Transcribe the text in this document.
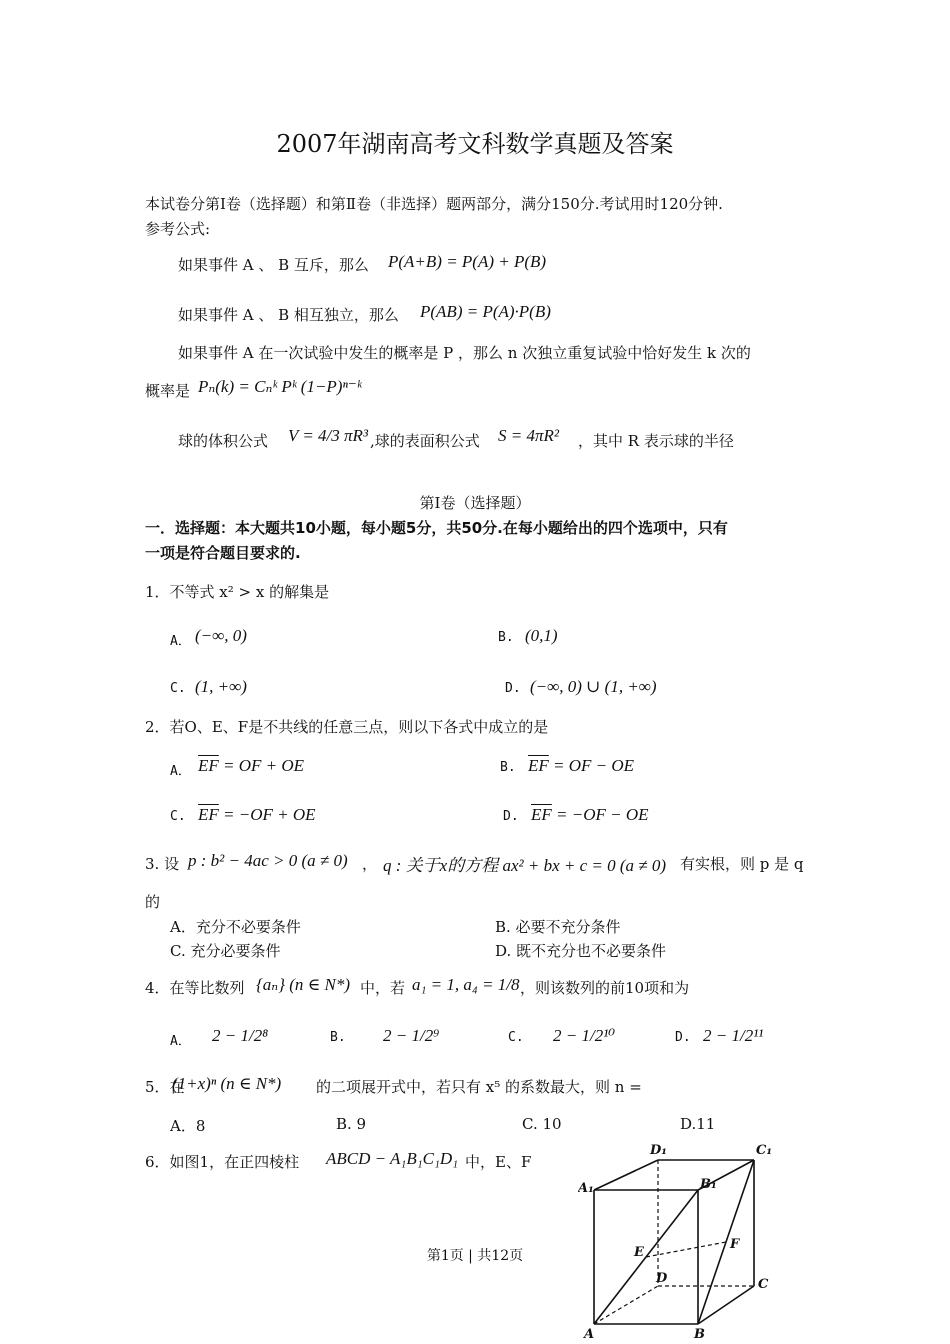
2007年湖南高考文科数学真题及答案
本试卷分第Ⅰ卷（选择题）和第Ⅱ卷（非选择）题两部分，满分150分.考试用时120分钟.
参考公式:
如果事件 A 、 B 互斥，那么 P(A+B) = P(A) + P(B)
如果事件 A 、 B 相互独立，那么 P(AB) = P(A)·P(B)
如果事件 A 在一次试验中发生的概率是 P ，那么 n 次独立重复试验中恰好发生 k 次的
概率是 Pₙ(k) = Cₙᵏ Pᵏ (1−P)ⁿ⁻ᵏ
球的体积公式 V = 4/3 πR³ ,球的表面积公式 S = 4πR² ，其中 R 表示球的半径
第Ⅰ卷（选择题）
一．选择题：本大题共10小题，每小题5分，共50分.在每小题给出的四个选项中，只有
一项是符合题目要求的.
1．不等式 x² > x 的解集是
A． (−∞, 0)	B. (0,1)
C. (1, +∞)	D. (−∞, 0) ∪ (1, +∞)
2．若O、E、F是不共线的任意三点，则以下各式中成立的是
A． $\overline{EF}$ = OF + OE	B. $\overline{EF}$ = OF − OE
C. $\overline{EF} = -OF$ + OE	D. $\overline{EF} = -OF$ − OE
3. 设 p : b² − 4ac > 0 (a ≠ 0) ， q : 关于x的方程 ax² + bx + c = 0 (a ≠ 0) 有实根，则 p 是 q
的
A．充分不必要条件	B. 必要不充分条件
C. 充分必要条件	D. 既不充分也不必要条件
4．在等比数列 {aₙ} (n ∈ N*) 中，若 a₁ = 1, a₄ = 1/8 ，则该数列的前10项和为
A． 2 − 1/2⁸	B. 2 − 1/2⁹	C. 2 − 1/2¹⁰	D. 2 − 1/2¹¹
5．在
(1+x)ⁿ (n ∈ N*) 的二项展开式中，若只有 x⁵ 的系数最大，则 n =
A．8	B. 9	C. 10	D.11
6．如图1，在正四棱柱 ABCD − A₁B₁C₁D₁ 中，E、F
D₁	C₁
A₁	B₁
E
F
D	C
A	B
第1页 | 共12页
